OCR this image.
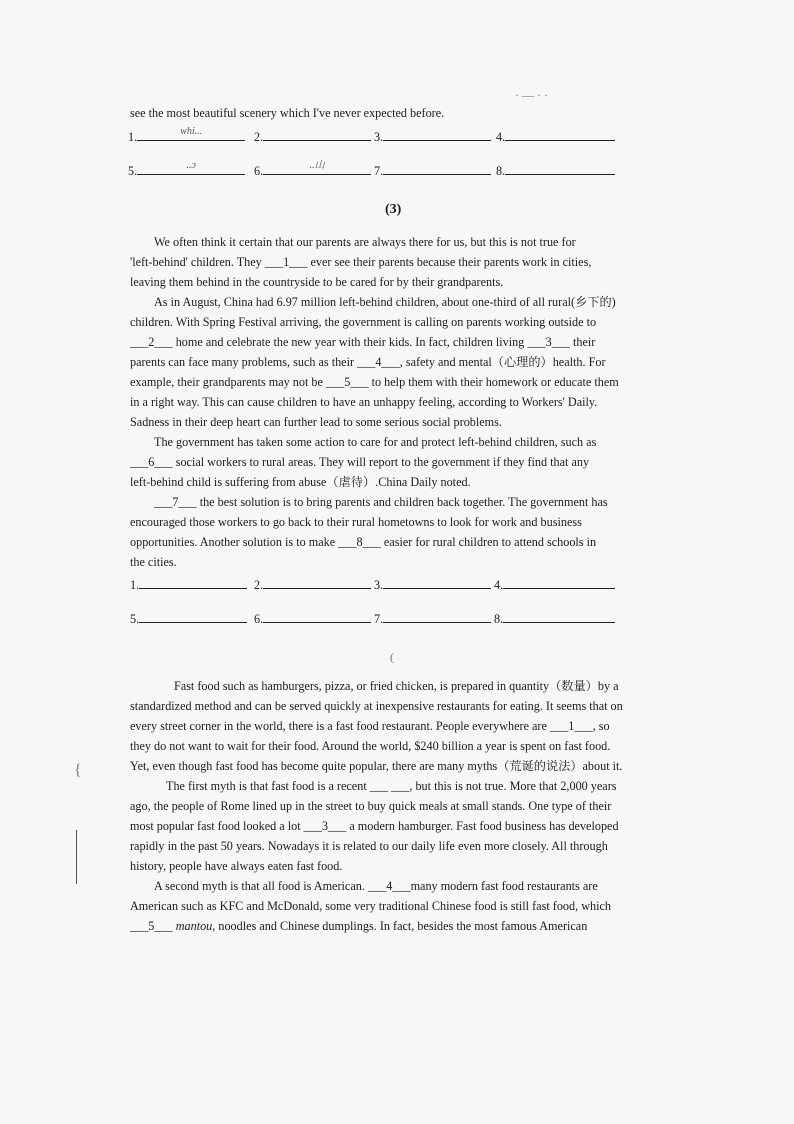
see the most beautiful scenery which I've never expected before.
· — · ·
1.	whi...	2.	3.	4.
5.	..ɔ	6.	..山	7.	8.
(3)
We often think it certain that our parents are always there for us, but this is not true for
'left-behind' children. They ___1___ ever see their parents because their parents work in cities,
leaving them behind in the countryside to be cared for by their grandparents.
As in August, China had 6.97 million left-behind children, about one-third of all rural(乡下的)
children. With Spring Festival arriving, the government is calling on parents working outside to
___2___ home and celebrate the new year with their kids. In fact, children living ___3___ their
parents can face many problems, such as their ___4___, safety and mental（心理的）health. For
example, their grandparents may not be ___5___ to help them with their homework or educate them
in a right way. This can cause children to have an unhappy feeling, according to Workers' Daily.
Sadness in their deep heart can further lead to some serious social problems.
The government has taken some action to care for and protect left-behind children, such as
___6___ social workers to rural areas. They will report to the government if they find that any
left-behind child is suffering from abuse（虐待）.China Daily noted.
___7___ the best solution is to bring parents and children back together. The government has
encouraged those workers to go back to their rural hometowns to look for work and business
opportunities. Another solution is to make ___8___ easier for rural children to attend schools in
the cities.
1.	2.	3.	4.
5.	6.	7.	8.
(
{
Fast food such as hamburgers, pizza, or fried chicken, is prepared in quantity（数量）by a
standardized method and can be served quickly at inexpensive restaurants for eating. It seems that on
every street corner in the world, there is a fast food restaurant. People everywhere are ___1___, so
they do not want to wait for their food. Around the world, $240 billion a year is spent on fast food.
Yet, even though fast food has become quite popular, there are many myths（荒诞的说法）about it.
The first myth is that fast food is a recent ___ ___, but this is not true. More that 2,000 years
ago, the people of Rome lined up in the street to buy quick meals at small stands. One type of their
most popular fast food looked a lot ___3___ a modern hamburger. Fast food business has developed
rapidly in the past 50 years. Nowadays it is related to our daily life even more closely. All through
history, people have always eaten fast food.
A second myth is that all food is American. ___4___many modern fast food restaurants are
American such as KFC and McDonald, some very traditional Chinese food is still fast food, which
___5___ mantou, noodles and Chinese dumplings. In fact, besides the most famous American
